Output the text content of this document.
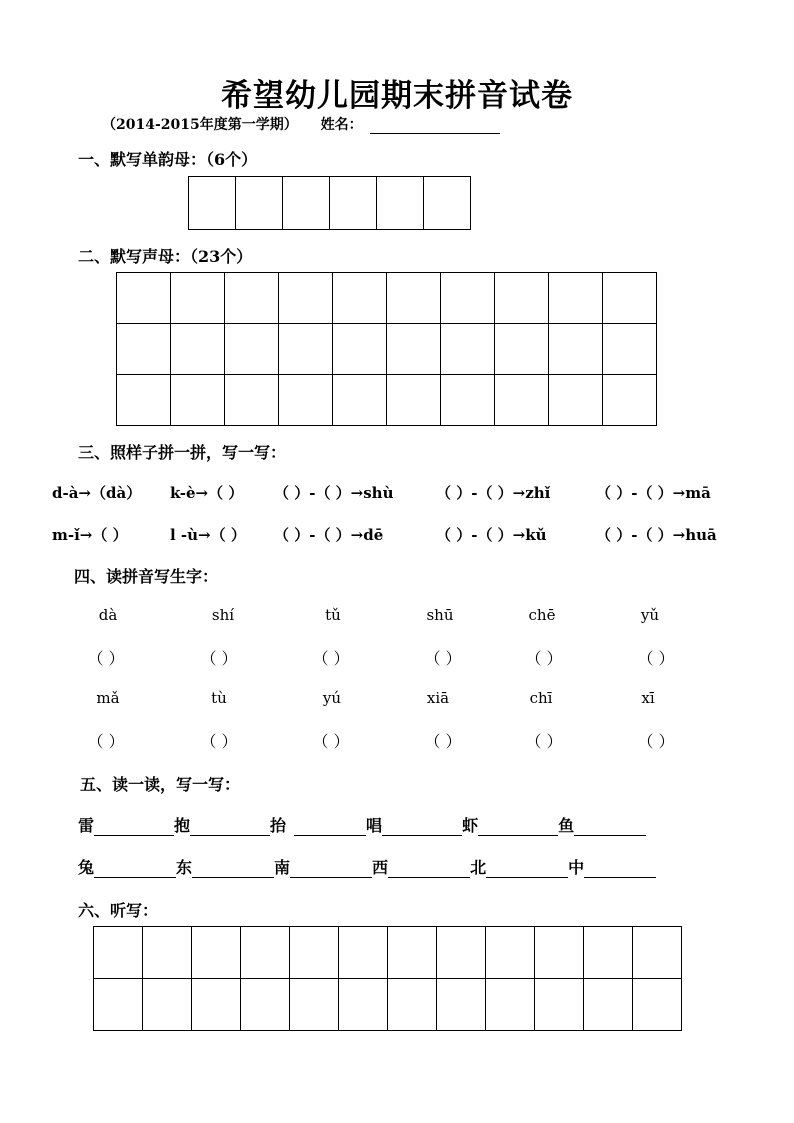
希望幼儿园期末拼音试卷
（2014-2015年度第一学期） 姓名：
一、默写单韵母：（6个）

二、默写声母：（23个）

三、照样子拼一拼，写一写：
d-à→（dà） k-è→（ ） （ ）-（ ）→shù	（ ）-（ ）→zhǐ	（ ）-（ ）→mā
m-ǐ→（ ）	l -ù→（ ） （ ）-（ ）→dē	（ ）-（ ）→kǔ	（ ）-（ ）→huā
四、读拼音写生字：
dà	shí	tǔ	shū	chē	yǔ
（ ）	（ ）	（ ）	（ ）	（ ）	（ ）
mǎ	tù	yú	xiā	chī	xī
（ ）	（ ）	（ ）	（ ）	（ ）	（ ）
五、读一读，写一写：
雷	抱	抬	唱	虾	鱼
兔	东	南	西	北	中
六、听写：
